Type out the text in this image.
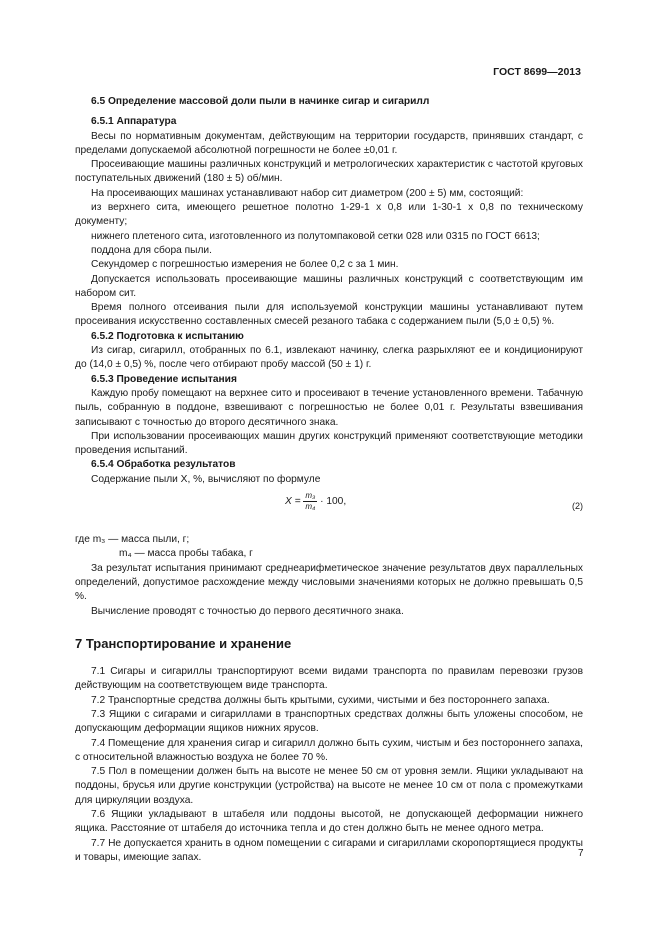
ГОСТ 8699—2013

6.5 Определение массовой доли пыли в начинке сигар и сигарилл

6.5.1 Аппаратура

Весы по нормативным документам, действующим на территории государств, принявших стандарт, с пределами допускаемой абсолютной погрешности не более ±0,01 г.

Просеивающие машины различных конструкций и метрологических характеристик с частотой круговых поступательных движений (180 ± 5) об/мин.

На просеивающих машинах устанавливают набор сит диаметром (200 ± 5) мм, состоящий:

из верхнего сита, имеющего решетное полотно 1-29-1 х 0,8 или 1-30-1 х 0,8 по техническому документу;

нижнего плетеного сита, изготовленного из полутомпаковой сетки 028 или 0315 по ГОСТ 6613;

поддона для сбора пыли.

Секундомер с погрешностью измерения не более 0,2 с за 1 мин.

Допускается использовать просеивающие машины различных конструкций с соответствующим им набором сит.

Время полного отсеивания пыли для используемой конструкции машины устанавливают путем просеивания искусственно составленных смесей резаного табака с содержанием пыли (5,0 ± 0,5) %.

6.5.2 Подготовка к испытанию

Из сигар, сигарилл, отобранных по 6.1, извлекают начинку, слегка разрыхляют ее и кондиционируют до (14,0 ± 0,5) %, после чего отбирают пробу массой (50 ± 1) г.

6.5.3 Проведение испытания

Каждую пробу помещают на верхнее сито и просеивают в течение установленного времени. Табачную пыль, собранную в поддоне, взвешивают с погрешностью не более 0,01 г. Результаты взвешивания записывают с точностью до второго десятичного знака.

При использовании просеивающих машин других конструкций применяют соответствующие методики проведения испытаний.

6.5.4 Обработка результатов

Содержание пыли X, %, вычисляют по формуле

$X = \frac{\text{m₃}}{\text{m₄}} \cdot 100$,	(2)

где m₃ — масса пыли, г;

m₄ — масса пробы табака, г

За результат испытания принимают среднеарифметическое значение результатов двух параллельных определений, допустимое расхождение между числовыми значениями которых не должно превышать 0,5 %.

Вычисление проводят с точностью до первого десятичного знака.

7 Транспортирование и хранение

7.1 Сигары и сигариллы транспортируют всеми видами транспорта по правилам перевозки грузов действующим на соответствующем виде транспорта.

7.2 Транспортные средства должны быть крытыми, сухими, чистыми и без постороннего запаха.

7.3 Ящики с сигарами и сигариллами в транспортных средствах должны быть уложены способом, не допускающим деформации ящиков нижних ярусов.

7.4 Помещение для хранения сигар и сигарилл должно быть сухим, чистым и без постороннего запаха, с относительной влажностью воздуха не более 70 %.

7.5 Пол в помещении должен быть на высоте не менее 50 см от уровня земли. Ящики укладывают на поддоны, брусья или другие конструкции (устройства) на высоте не менее 10 см от пола с промежутками для циркуляции воздуха.

7.6 Ящики укладывают в штабеля или поддоны высотой, не допускающей деформации нижнего ящика. Расстояние от штабеля до источника тепла и до стен должно быть не менее одного метра.

7.7 Не допускается хранить в одном помещении с сигарами и сигариллами скоропортящиеся продукты и товары, имеющие запах.	7
